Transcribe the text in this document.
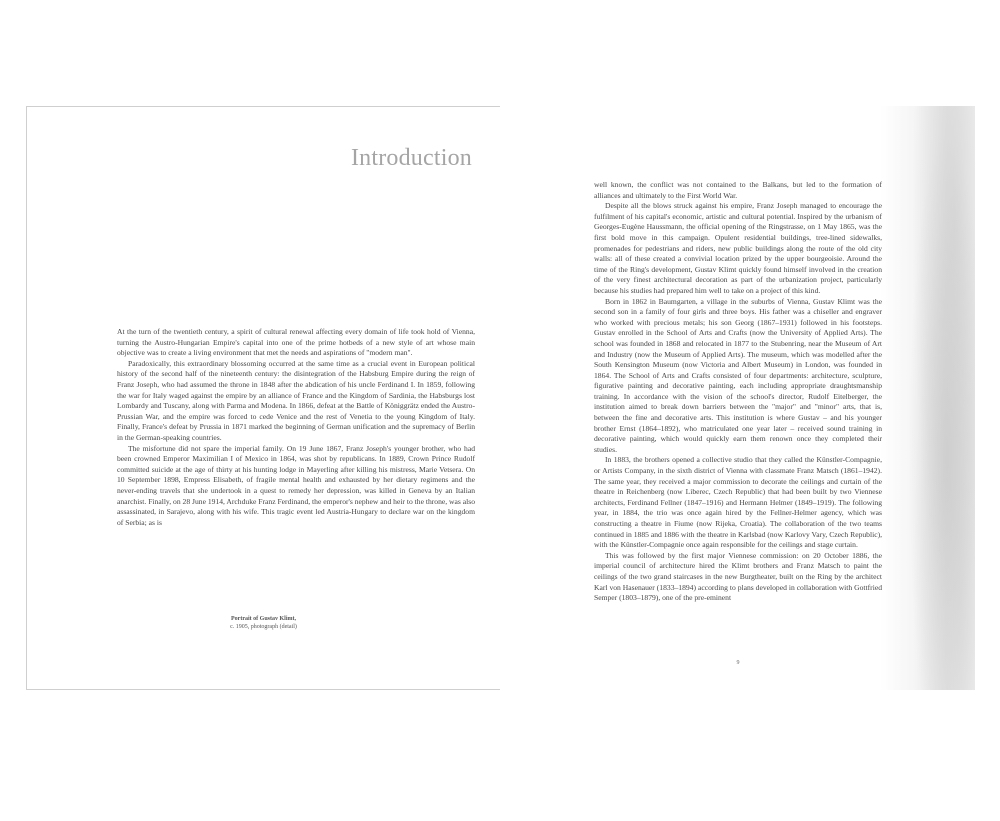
Introduction

At the turn of the twentieth century, a spirit of cultural renewal affecting every domain of life took hold of Vienna, turning the Austro-Hungarian Empire's capital into one of the prime hotbeds of a new style of art whose main objective was to create a living environment that met the needs and aspirations of "modern man".

Paradoxically, this extraordinary blossoming occurred at the same time as a crucial event in European political history of the second half of the nineteenth century: the disintegration of the Habsburg Empire during the reign of Franz Joseph, who had assumed the throne in 1848 after the abdication of his uncle Ferdinand I. In 1859, following the war for Italy waged against the empire by an alliance of France and the Kingdom of Sardinia, the Habsburgs lost Lombardy and Tuscany, along with Parma and Modena. In 1866, defeat at the Battle of Königgrätz ended the Austro-Prussian War, and the empire was forced to cede Venice and the rest of Venetia to the young Kingdom of Italy. Finally, France's defeat by Prussia in 1871 marked the beginning of German unification and the supremacy of Berlin in the German-speaking countries.

The misfortune did not spare the imperial family. On 19 June 1867, Franz Joseph's younger brother, who had been crowned Emperor Maximilian I of Mexico in 1864, was shot by republicans. In 1889, Crown Prince Rudolf committed suicide at the age of thirty at his hunting lodge in Mayerling after killing his mistress, Marie Vetsera. On 10 September 1898, Empress Elisabeth, of fragile mental health and exhausted by her dietary regimens and the never-ending travels that she undertook in a quest to remedy her depression, was killed in Geneva by an Italian anarchist. Finally, on 28 June 1914, Archduke Franz Ferdinand, the emperor's nephew and heir to the throne, was also assassinated, in Sarajevo, along with his wife. This tragic event led Austria-Hungary to declare war on the kingdom of Serbia; as is

Portrait of Gustav Klimt,
c. 1905, photograph (detail)

well known, the conflict was not contained to the Balkans, but led to the formation of alliances and ultimately to the First World War.

Despite all the blows struck against his empire, Franz Joseph managed to encourage the fulfilment of his capital's economic, artistic and cultural potential. Inspired by the urbanism of Georges-Eugène Haussmann, the official opening of the Ringstrasse, on 1 May 1865, was the first bold move in this campaign. Opulent residential buildings, tree-lined sidewalks, promenades for pedestrians and riders, new public buildings along the route of the old city walls: all of these created a convivial location prized by the upper bourgeoisie. Around the time of the Ring's development, Gustav Klimt quickly found himself involved in the creation of the very finest architectural decoration as part of the urbanization project, particularly because his studies had prepared him well to take on a project of this kind.

Born in 1862 in Baumgarten, a village in the suburbs of Vienna, Gustav Klimt was the second son in a family of four girls and three boys. His father was a chiseller and engraver who worked with precious metals; his son Georg (1867–1931) followed in his footsteps. Gustav enrolled in the School of Arts and Crafts (now the University of Applied Arts). The school was founded in 1868 and relocated in 1877 to the Stubenring, near the Museum of Art and Industry (now the Museum of Applied Arts). The museum, which was modelled after the South Kensington Museum (now Victoria and Albert Museum) in London, was founded in 1864. The School of Arts and Crafts consisted of four departments: architecture, sculpture, figurative painting and decorative painting, each including appropriate draughtsmanship training. In accordance with the vision of the school's director, Rudolf Eitelberger, the institution aimed to break down barriers between the "major" and "minor" arts, that is, between the fine and decorative arts. This institution is where Gustav – and his younger brother Ernst (1864–1892), who matriculated one year later – received sound training in decorative painting, which would quickly earn them renown once they completed their studies.

In 1883, the brothers opened a collective studio that they called the Künstler-Compagnie, or Artists Company, in the sixth district of Vienna with classmate Franz Matsch (1861–1942). The same year, they received a major commission to decorate the ceilings and curtain of the theatre in Reichenberg (now Liberec, Czech Republic) that had been built by two Viennese architects, Ferdinand Fellner (1847–1916) and Hermann Helmer (1849–1919). The following year, in 1884, the trio was once again hired by the Fellner-Helmer agency, which was constructing a theatre in Fiume (now Rijeka, Croatia). The collaboration of the two teams continued in 1885 and 1886 with the theatre in Karlsbad (now Karlovy Vary, Czech Republic), with the Künstler-Compagnie once again responsible for the ceilings and stage curtain.

This was followed by the first major Viennese commission: on 20 October 1886, the imperial council of architecture hired the Klimt brothers and Franz Matsch to paint the ceilings of the two grand staircases in the new Burgtheater, built on the Ring by the architect Karl von Hasenauer (1833–1894) according to plans developed in collaboration with Gottfried Semper (1803–1879), one of the pre-eminent

9
